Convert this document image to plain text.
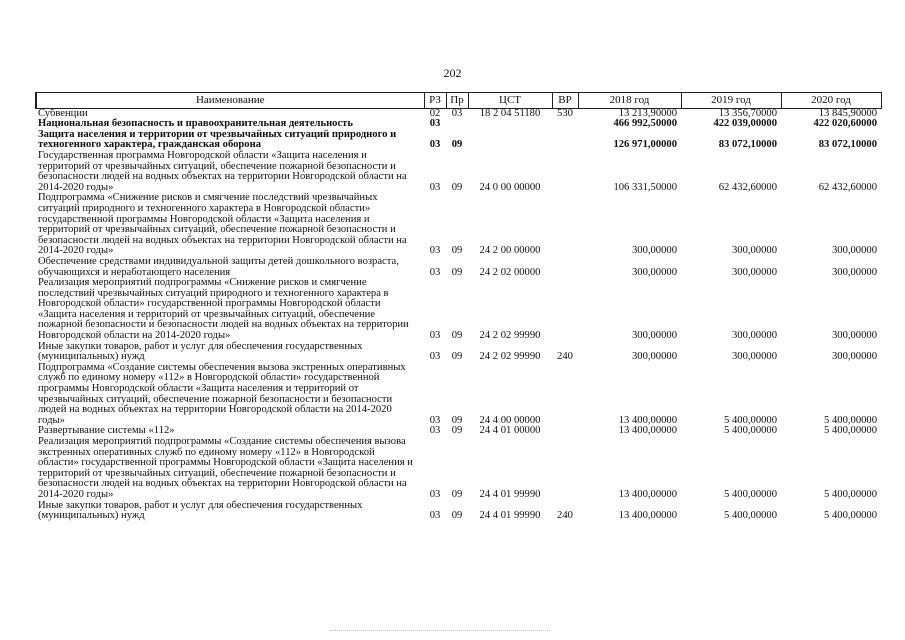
202
Наименование	РЗ	Пр	ЦСТ	ВР	2018 год	2019 год	2020 год
Субвенции	02	03	18 2 04 51180	530	13 213,90000	13 356,70000	13 845,90000
Национальная безопасность и правоохранительная деятельность	03				466 992,50000	422 039,00000	422 020,60000
Защита населения и территории от чрезвычайных ситуаций природного и техногенного характера, гражданская оборона	03	09			126 971,00000	83 072,10000	83 072,10000
Государственная программа Новгородской области «Защита населения и территорий от чрезвычайных ситуаций, обеспечение пожарной безопасности и безопасности людей на водных объектах на территории Новгородской области на 2014-2020 годы»	03	09	24 0 00 00000		106 331,50000	62 432,60000	62 432,60000
Подпрограмма «Снижение рисков и смягчение последствий чрезвычайных ситуаций природного и техногенного характера в Новгородской области» государственной программы Новгородской области «Защита населения и территорий от чрезвычайных ситуаций, обеспечение пожарной безопасности и безопасности людей на водных объектах на территории Новгородской области на 2014-2020 годы»	03	09	24 2 00 00000		300,00000	300,00000	300,00000
Обеспечение средствами индивидуальной защиты детей дошкольного возраста, обучающихся и неработающего населения	03	09	24 2 02 00000		300,00000	300,00000	300,00000
Реализация мероприятий подпрограммы «Снижение рисков и смягчение последствий чрезвычайных ситуаций природного и техногенного характера в Новгородской области» государственной программы Новгородской области «Защита населения и территорий от чрезвычайных ситуаций, обеспечение пожарной безопасности и безопасности людей на водных объектах на территории Новгородской области на 2014-2020 годы»	03	09	24 2 02 99990		300,00000	300,00000	300,00000
Иные закупки товаров, работ и услуг для обеспечения государственных (муниципальных) нужд	03	09	24 2 02 99990	240	300,00000	300,00000	300,00000
Подпрограмма «Создание системы обеспечения вызова экстренных оперативных служб по единому номеру «112» в Новгородской области» государственной программы Новгородской области «Защита населения и территорий от чрезвычайных ситуаций, обеспечение пожарной безопасности и безопасности людей на водных объектах на территории Новгородской области на 2014-2020 годы»	03	09	24 4 00 00000		13 400,00000	5 400,00000	5 400,00000
Развертывание системы «112»	03	09	24 4 01 00000		13 400,00000	5 400,00000	5 400,00000
Реализация мероприятий подпрограммы «Создание системы обеспечения вызова экстренных оперативных служб по единому номеру «112» в Новгородской области» государственной программы Новгородской области «Защита населения и территорий от чрезвычайных ситуаций, обеспечение пожарной безопасности и безопасности людей на водных объектах на территории Новгородской области на 2014-2020 годы»	03	09	24 4 01 99990		13 400,00000	5 400,00000	5 400,00000
Иные закупки товаров, работ и услуг для обеспечения государственных (муниципальных) нужд	03	09	24 4 01 99990	240	13 400,00000	5 400,00000	5 400,00000
